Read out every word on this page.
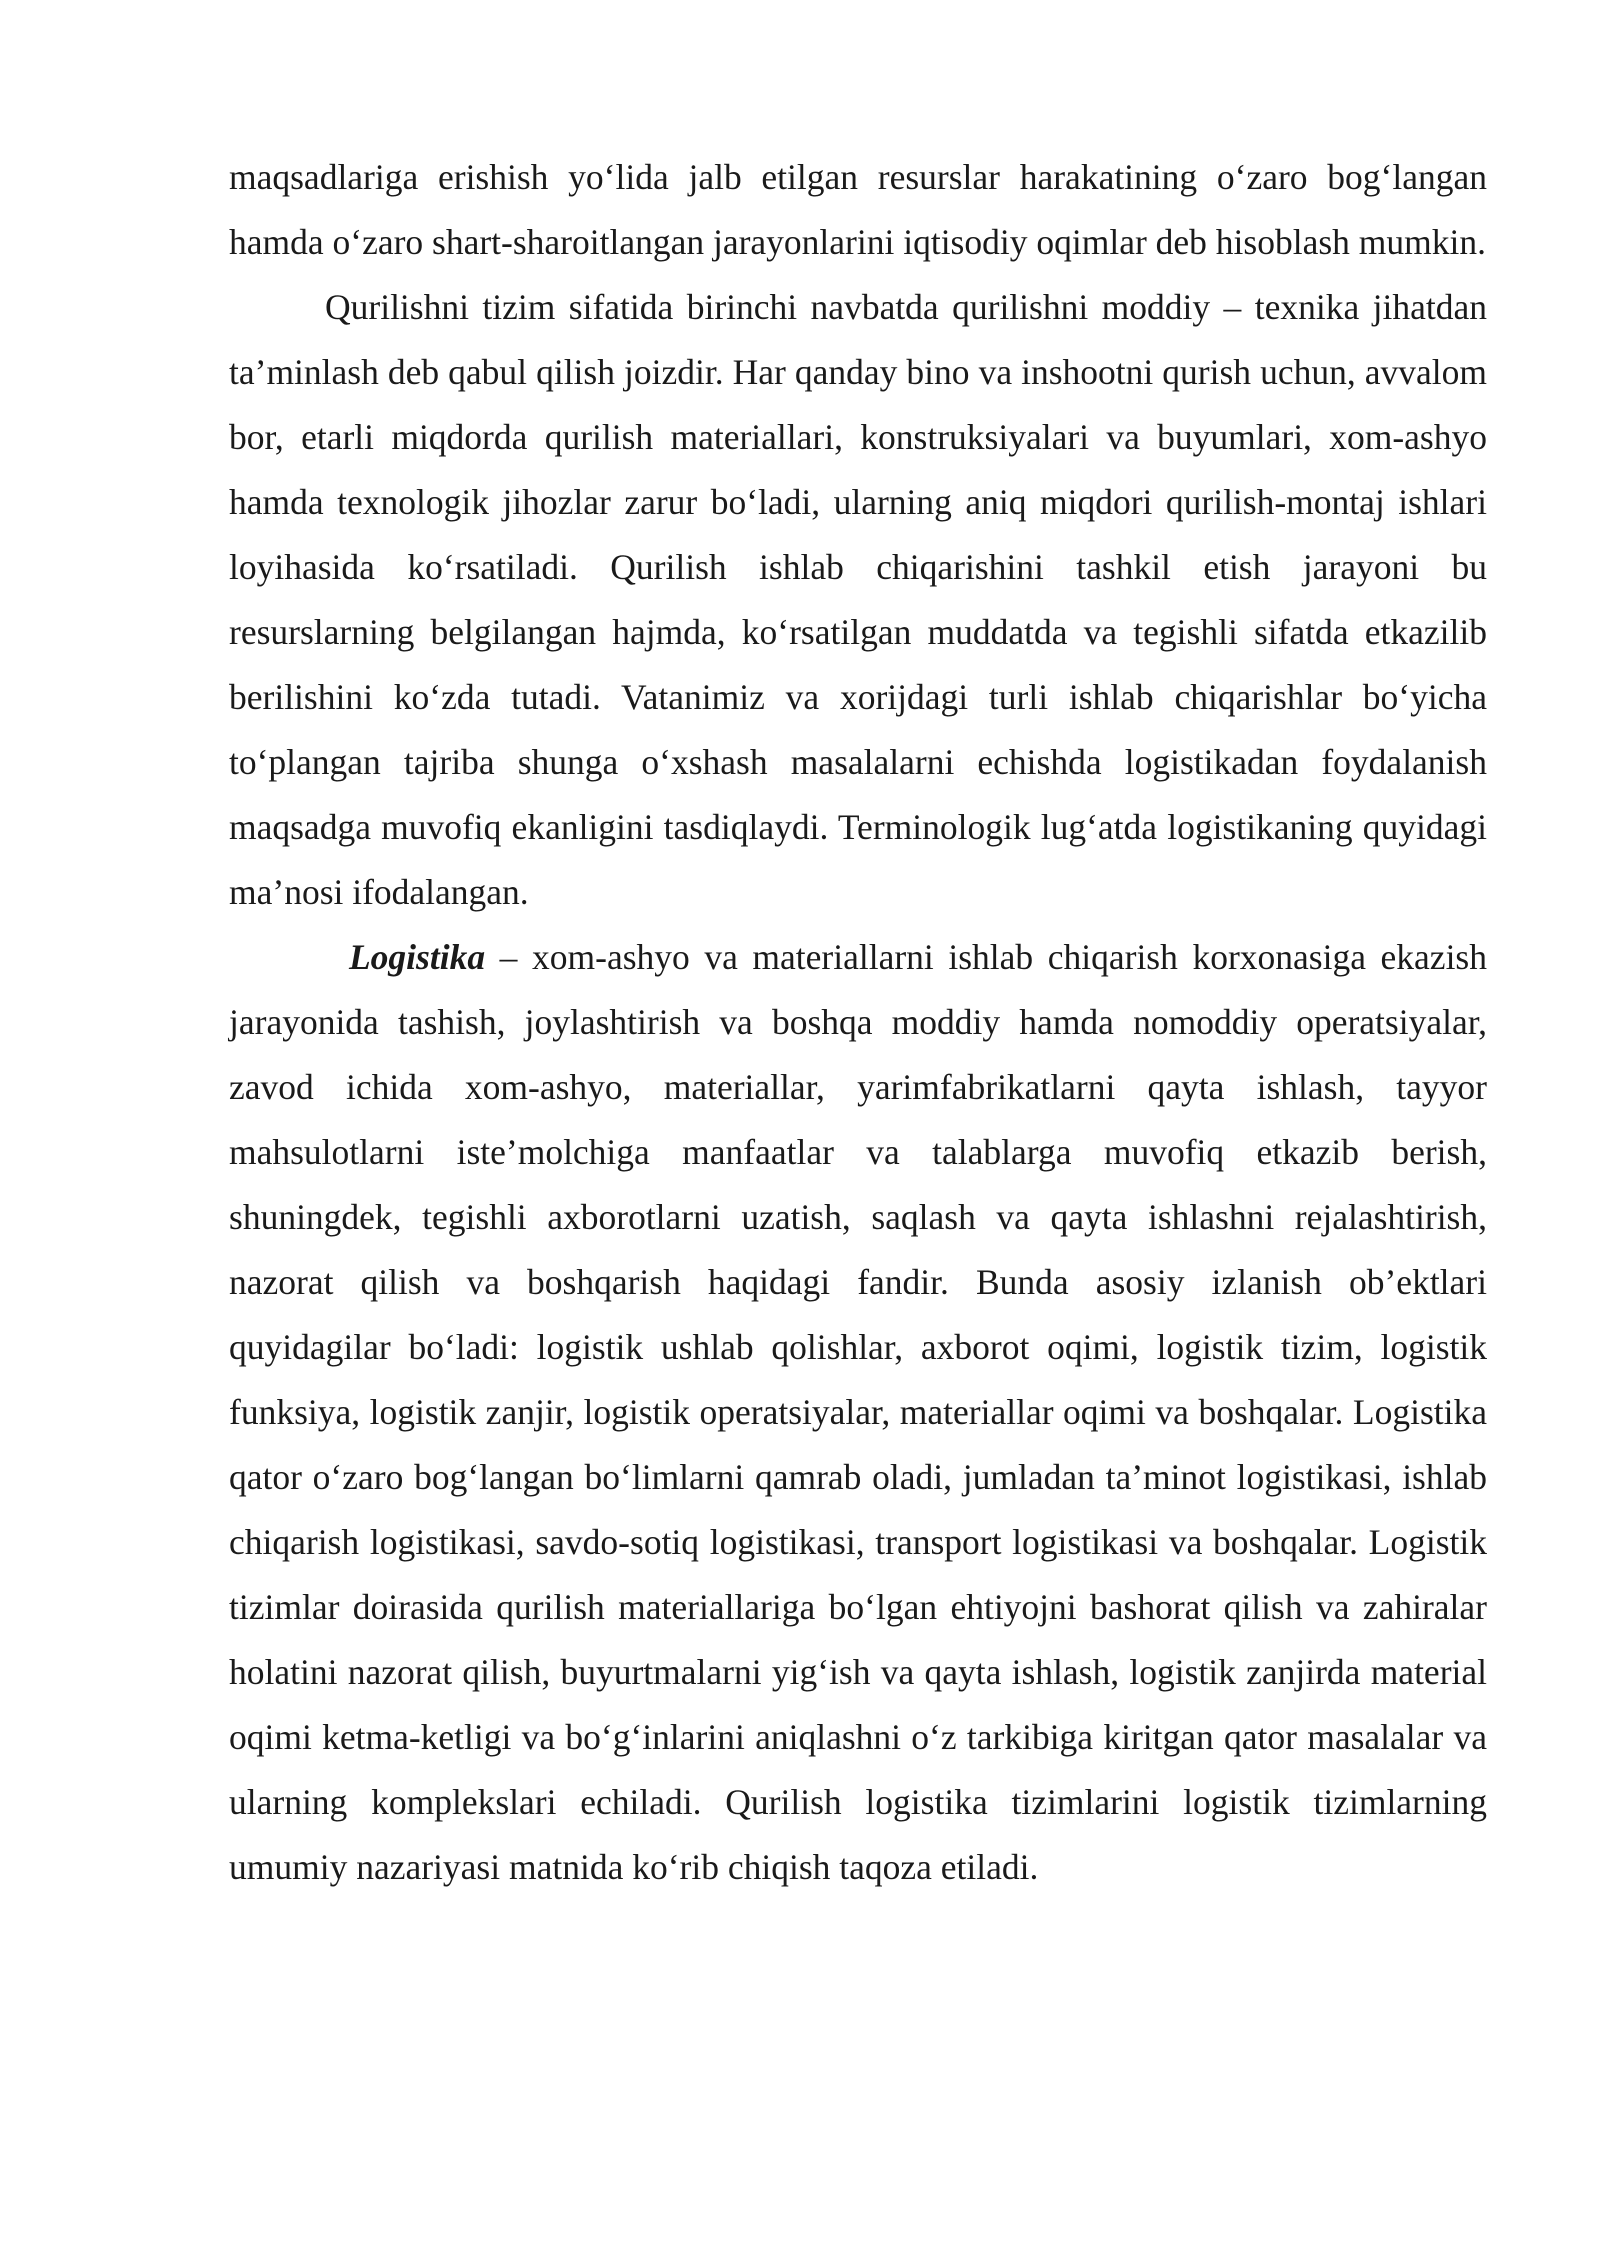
maqsadlariga erishish yo‘lida jalb etilgan resurslar harakatining o‘zaro bog‘langan hamda o‘zaro shart-sharoitlangan jarayonlarini iqtisodiy oqimlar deb hisoblash mumkin.

Qurilishni tizim sifatida birinchi navbatda qurilishni moddiy – texnika jihatdan ta’minlash deb qabul qilish joizdir. Har qanday bino va inshootni qurish uchun, avvalom bor, etarli miqdorda qurilish materiallari, konstruksiyalari va buyumlari, xom-ashyo hamda texnologik jihozlar zarur bo‘ladi, ularning aniq miqdori qurilish-montaj ishlari loyihasida ko‘rsatiladi. Qurilish ishlab chiqarishini tashkil etish jarayoni bu resurslarning belgilangan hajmda, ko‘rsatilgan muddatda va tegishli sifatda etkazilib berilishini ko‘zda tutadi. Vatanimiz va xorijdagi turli ishlab chiqarishlar bo‘yicha to‘plangan tajriba shunga o‘xshash masalalarni echishda logistikadan foydalanish maqsadga muvofiq ekanligini tasdiqlaydi. Terminologik lug‘atda logistikaning quyidagi ma’nosi ifodalangan.

Logistika – xom-ashyo va materiallarni ishlab chiqarish korxonasiga ekazish jarayonida tashish, joylashtirish va boshqa moddiy hamda nomoddiy operatsiyalar, zavod ichida xom-ashyo, materiallar, yarimfabrikatlarni qayta ishlash, tayyor mahsulotlarni iste’molchiga manfaatlar va talablarga muvofiq etkazib berish, shuningdek, tegishli axborotlarni uzatish, saqlash va qayta ishlashni rejalashtirish, nazorat qilish va boshqarish haqidagi fandir. Bunda asosiy izlanish ob’ektlari quyidagilar bo‘ladi: logistik ushlab qolishlar, axborot oqimi, logistik tizim, logistik funksiya, logistik zanjir, logistik operatsiyalar, materiallar oqimi va boshqalar. Logistika qator o‘zaro bog‘langan bo‘limlarni qamrab oladi, jumladan ta’minot logistikasi, ishlab chiqarish logistikasi, savdo-sotiq logistikasi, transport logistikasi va boshqalar. Logistik tizimlar doirasida qurilish materiallariga bo‘lgan ehtiyojni bashorat qilish va zahiralar holatini nazorat qilish, buyurtmalarni yig‘ish va qayta ishlash, logistik zanjirda material oqimi ketma-ketligi va bo‘g‘inlarini aniqlashni o‘z tarkibiga kiritgan qator masalalar va ularning komplekslari echiladi. Qurilish logistika tizimlarini logistik tizimlarning umumiy nazariyasi matnida ko‘rib chiqish taqoza etiladi.
